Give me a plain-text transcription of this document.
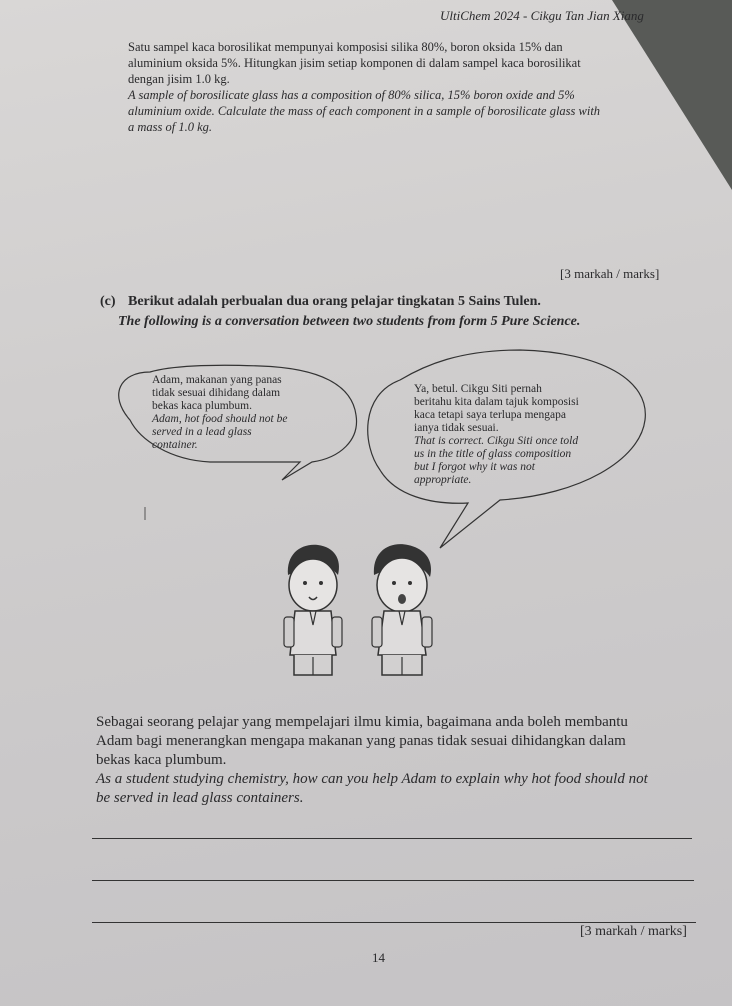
UltiChem 2024 - Cikgu Tan Jian Xiang
Satu sampel kaca borosilikat mempunyai komposisi silika 80%, boron oksida 15% dan
aluminium oksida 5%. Hitungkan jisim setiap komponen di dalam sampel kaca borosilikat
dengan jisim 1.0 kg.
A sample of borosilicate glass has a composition of 80% silica, 15% boron oxide and 5%
aluminium oxide. Calculate the mass of each component in a sample of borosilicate glass with
a mass of 1.0 kg.
[3 markah / marks]
(c) Berikut adalah perbualan dua orang pelajar tingkatan 5 Sains Tulen.
The following is a conversation between two students from form 5 Pure Science.
Adam, makanan yang panas
tidak sesuai dihidang dalam
bekas kaca plumbum.
Adam, hot food should not be
served in a lead glass
container.
Ya, betul. Cikgu Siti pernah
beritahu kita dalam tajuk komposisi
kaca tetapi saya terlupa mengapa
ianya tidak sesuai.
That is correct. Cikgu Siti once told
us in the title of glass composition
but I forgot why it was not
appropriate.
Sebagai seorang pelajar yang mempelajari ilmu kimia, bagaimana anda boleh membantu
Adam bagi menerangkan mengapa makanan yang panas tidak sesuai dihidangkan dalam
bekas kaca plumbum.
As a student studying chemistry, how can you help Adam to explain why hot food should not
be served in lead glass containers.
[3 markah / marks]
14
